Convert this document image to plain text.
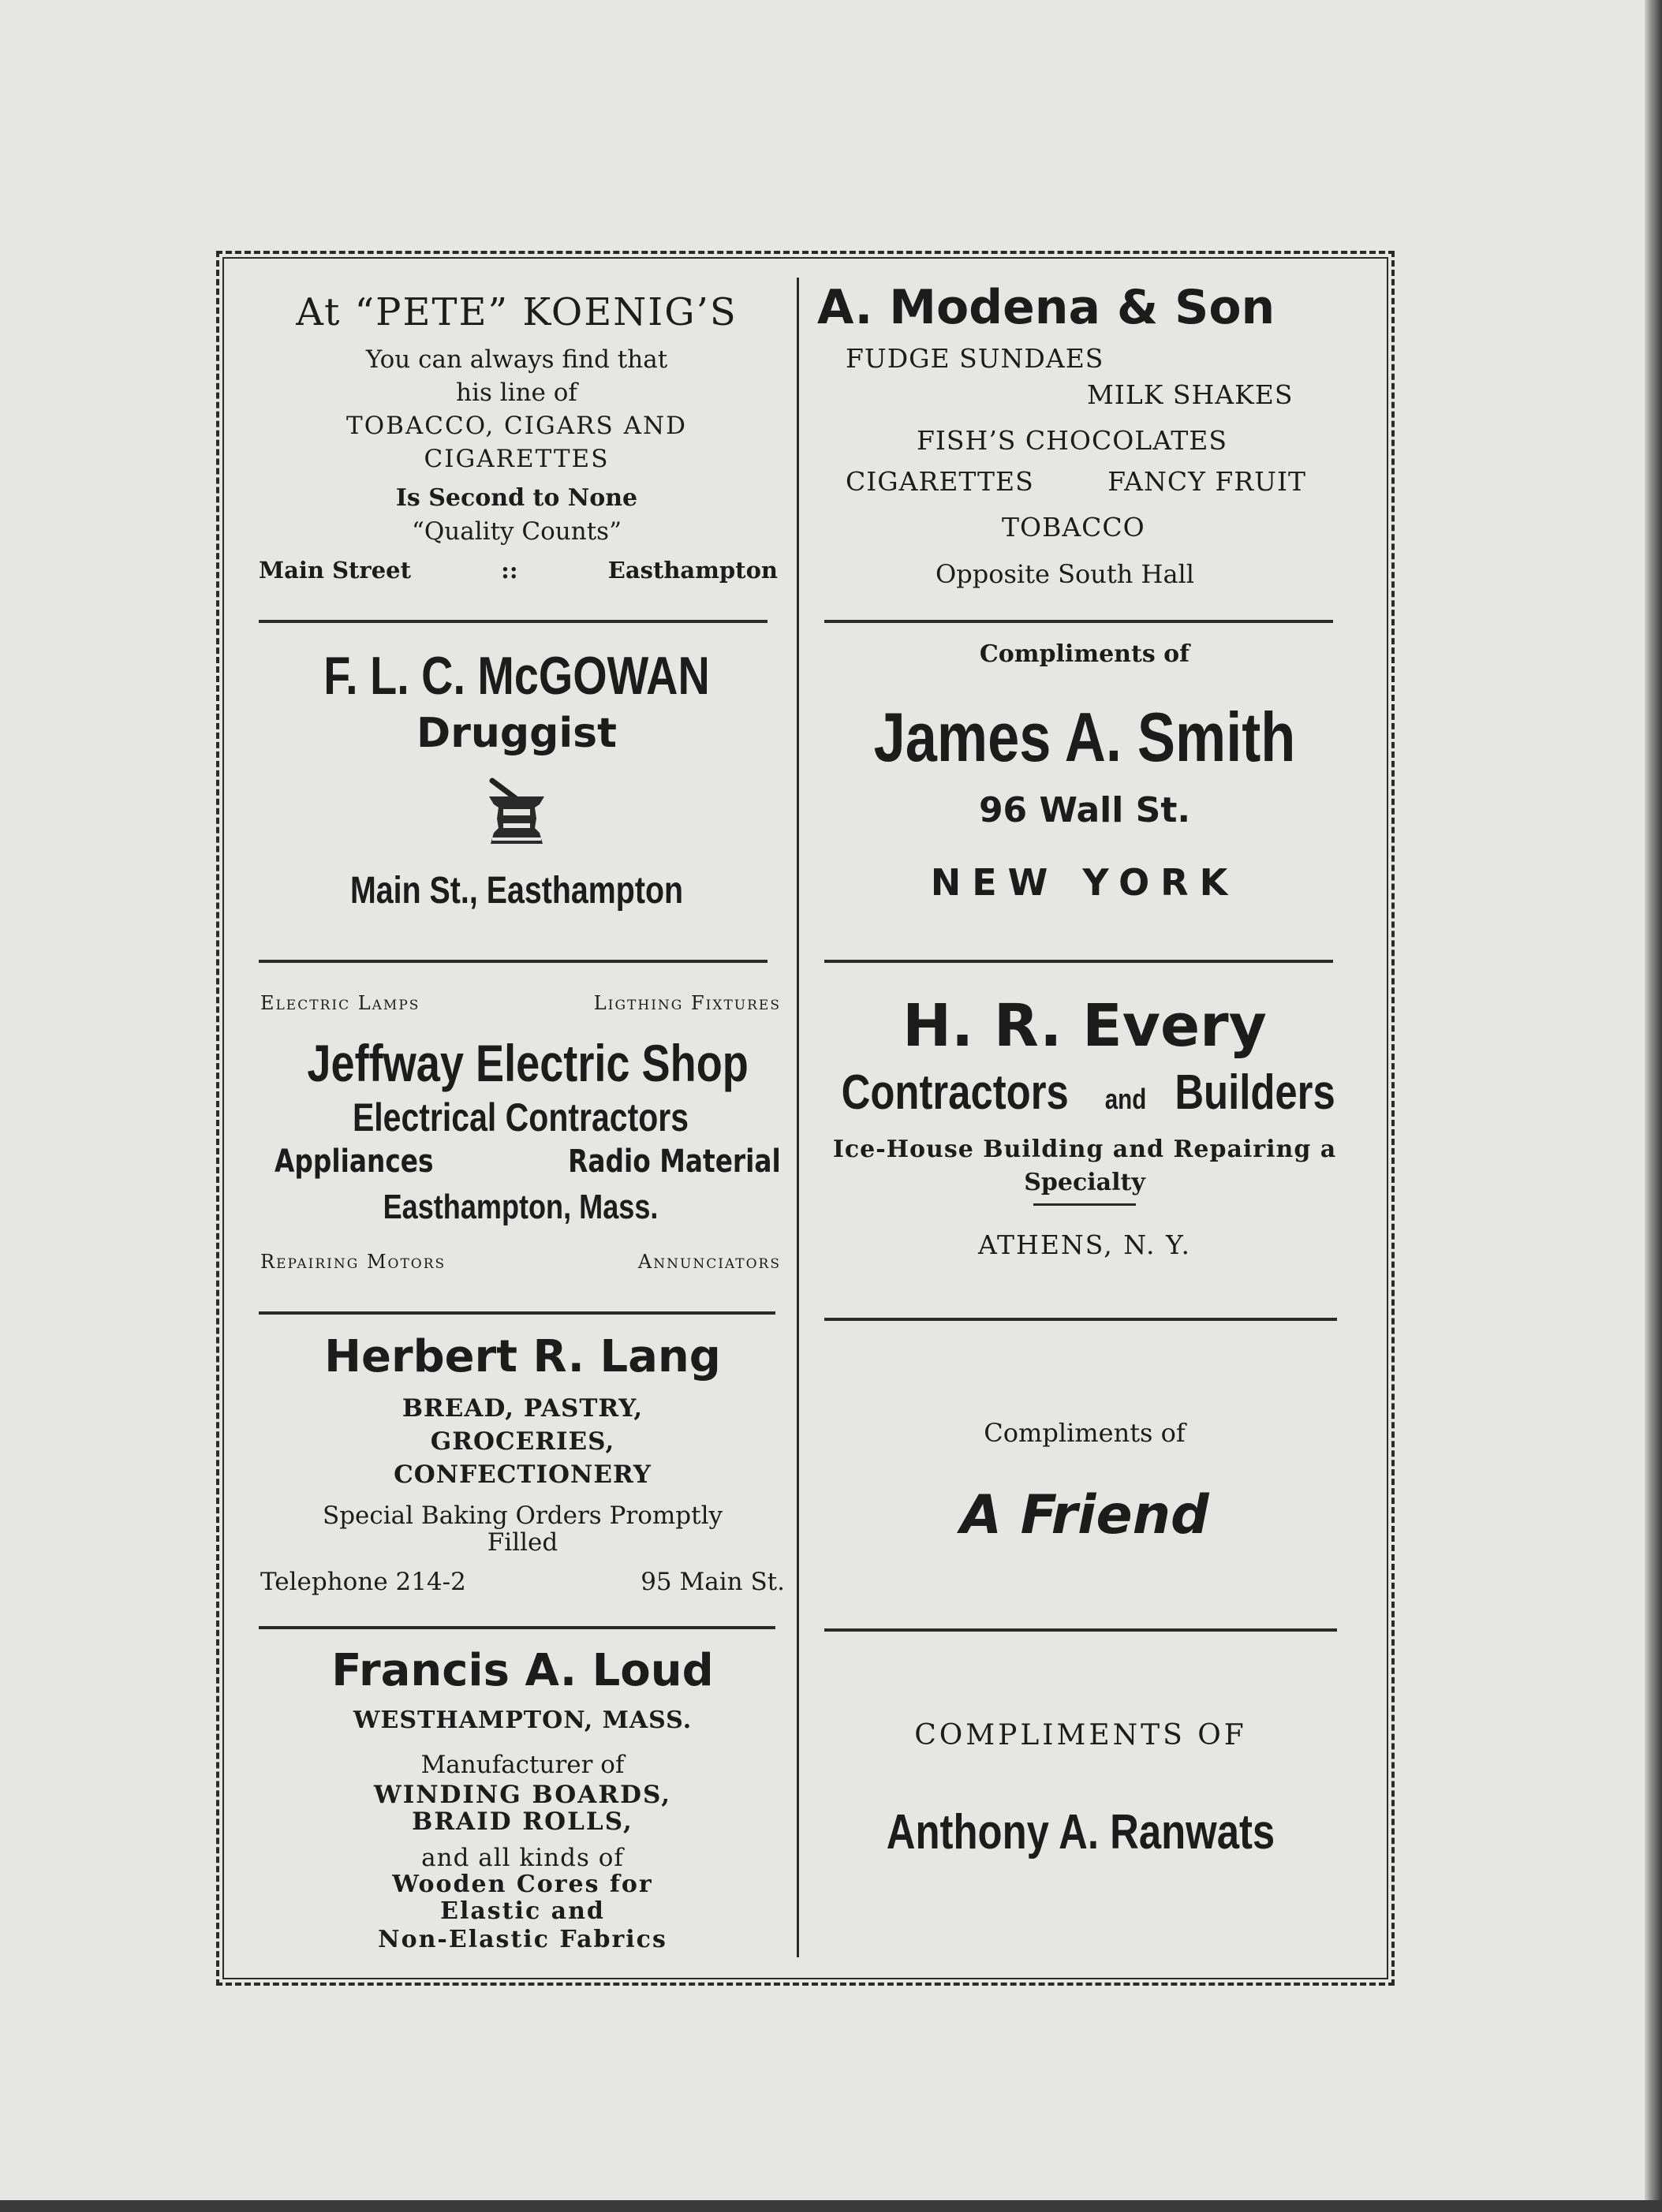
At “PETE” KOENIG’S
You can always find that
his line of
TOBACCO, CIGARS AND
CIGARETTES
Is Second to None
“Quality Counts”
Main Street	::	Easthampton
A. Modena & Son
FUDGE SUNDAES
MILK SHAKES
FISH’S CHOCOLATES
CIGARETTES	FANCY FRUIT
TOBACCO
Opposite South Hall
F. L. C. McGOWAN
Druggist
Main St., Easthampton
Compliments of
James A. Smith
96 Wall St.
NEW YORK
Electric Lamps	Ligthing Fixtures
Jeffway Electric Shop
Electrical Contractors
Appliances	Radio Material
Easthampton, Mass.
Repairing Motors	Annunciators
H. R. Every
Contractors and Builders
Ice-House Building and Repairing a
Specialty
ATHENS, N. Y.
Herbert R. Lang
BREAD, PASTRY,
GROCERIES,
CONFECTIONERY
Special Baking Orders Promptly
Filled
Telephone 214-2	95 Main St.
Compliments of
A Friend
Francis A. Loud
WESTHAMPTON, MASS.
Manufacturer of
WINDING BOARDS,
BRAID ROLLS,
and all kinds of
Wooden Cores for
Elastic and
Non-Elastic Fabrics
COMPLIMENTS OF
Anthony A. Ranwats
